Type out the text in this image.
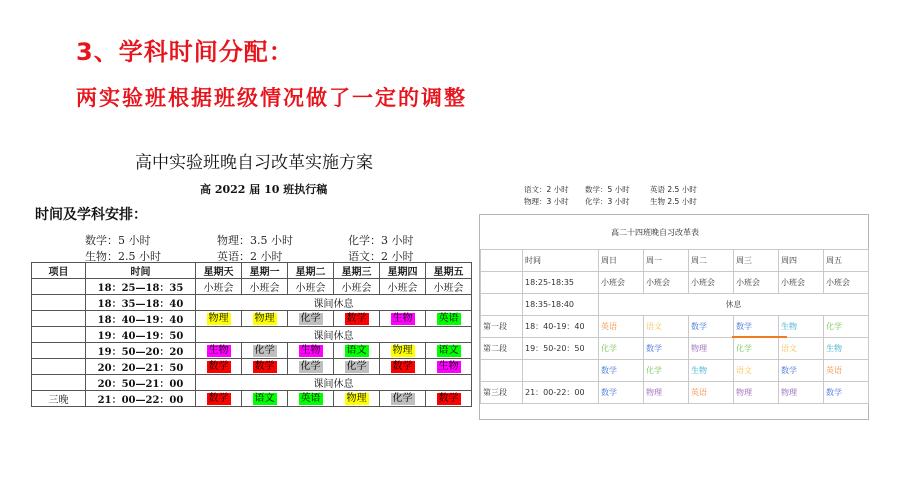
3、学科时间分配：
两实验班根据班级情况做了一定的调整
高中实验班晚自习改革实施方案
高 2022 届 10 班执行稿
时间及学科安排：
数学：5 小时	物理：3.5 小时	化学：3 小时
生物：2.5 小时	英语：2 小时	语文：2 小时
项目	时间	星期天	星期一	星期二	星期三	星期四	星期五
	18：25—18：35	小班会	小班会	小班会	小班会	小班会	小班会
	18：35—18：40	课间休息					
	18：40—19：40	物理	物理	化学	数学	生物	英语
	19：40—19：50	课间休息					
	19：50—20：20	生物	化学	生物	语文	物理	语文
	20：20—21：50	数学	数学	化学	化学	数学	生物
	20：50—21：00	课间休息					
三晚	21：00—22：00	数学	语文	英语	物理	化学	数学
语文：2 小时 数学：5 小时	英语 2.5 小时
物理：3 小时 化学：3 小时	生物 2.5 小时
高二十四班晚自习改革表
	时间	周日	周一	周二	周三	周四	周五
	18:25-18:35	小班会	小班会	小班会	小班会	小班会	小班会
	18:35-18:40	休息					
第一段	18：40-19：40	英语	语文	数学	数学	生物	化学
第二段	19：50-20：50	化学	数学	物理	化学	语文	生物
		数学	化学	生物	语文	数学	英语
第三段	21：00-22：00	数学	物理	英语	物理	物理	数学
